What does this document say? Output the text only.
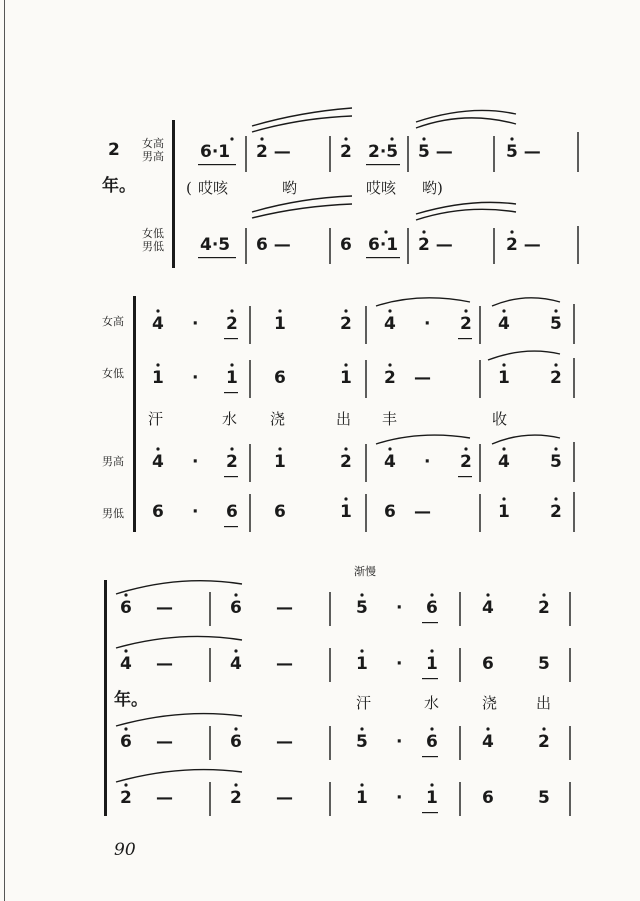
2
年。
女高
男高
女低
男低
6·1 2 —	2 2·5 5 —	5 —
( 哎咳	哟	哎咳 哟)
4·5 6 —	6 6·1 2 —	2 —
女高
女低
男高
男低
4 · 2 1	2 4 · 2 4 5
1 · 1 6	1 2 —	1 2
汗	水 浇	出 丰	收
4 · 2 1	2 4 · 2 4 5
6 · 6 6	1 6 —	1 2
渐慢
6 —	6 —	5 · 6	4	2
4 —	4 —	1 · 1	6	5
年。	汗	水	浇	出
6 —	6 —	5 · 6	4	2
2 —	2 —	1 · 1	6	5
90
